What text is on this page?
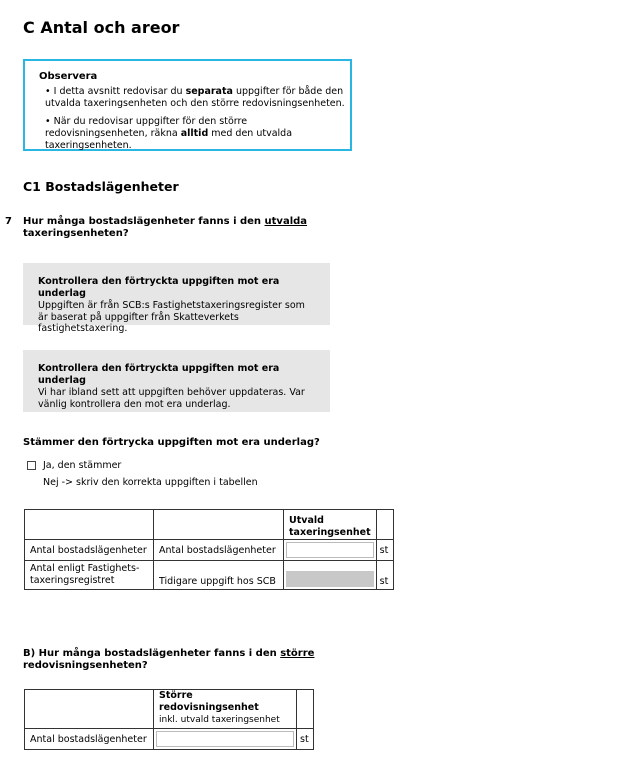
C Antal och areor
Observera
• I detta avsnitt redovisar du separata uppgifter för både den utvalda taxeringsenheten och den större redovisningsenheten.
• När du redovisar uppgifter för den större redovisningsenheten, räkna alltid med den utvalda taxeringsenheten.
C1 Bostadslägenheter
7 Hur många bostadslägenheter fanns i den utvalda taxeringsenheten?
Kontrollera den förtryckta uppgiften mot era underlag
Uppgiften är från SCB:s Fastighetstaxeringsregister som är baserat på uppgifter från Skatteverkets fastighetstaxering.
Kontrollera den förtryckta uppgiften mot era underlag
Vi har ibland sett att uppgiften behöver uppdateras. Var vänlig kontrollera den mot era underlag.
Stämmer den förtrycka uppgiften mot era underlag?
Ja, den stämmer
Nej -> skriv den korrekta uppgiften i tabellen
		Utvald taxeringsenhet	
Antal bostadslägenheter	Antal bostadslägenheter		st
Antal enligt Fastighets-taxeringsregistret	Tidigare uppgift hos SCB		st
B) Hur många bostadslägenheter fanns i den större redovisningsenheten?

	Större redovisningsenhet
inkl. utvald taxeringsenhet	

Antal bostadslägenheter		st
